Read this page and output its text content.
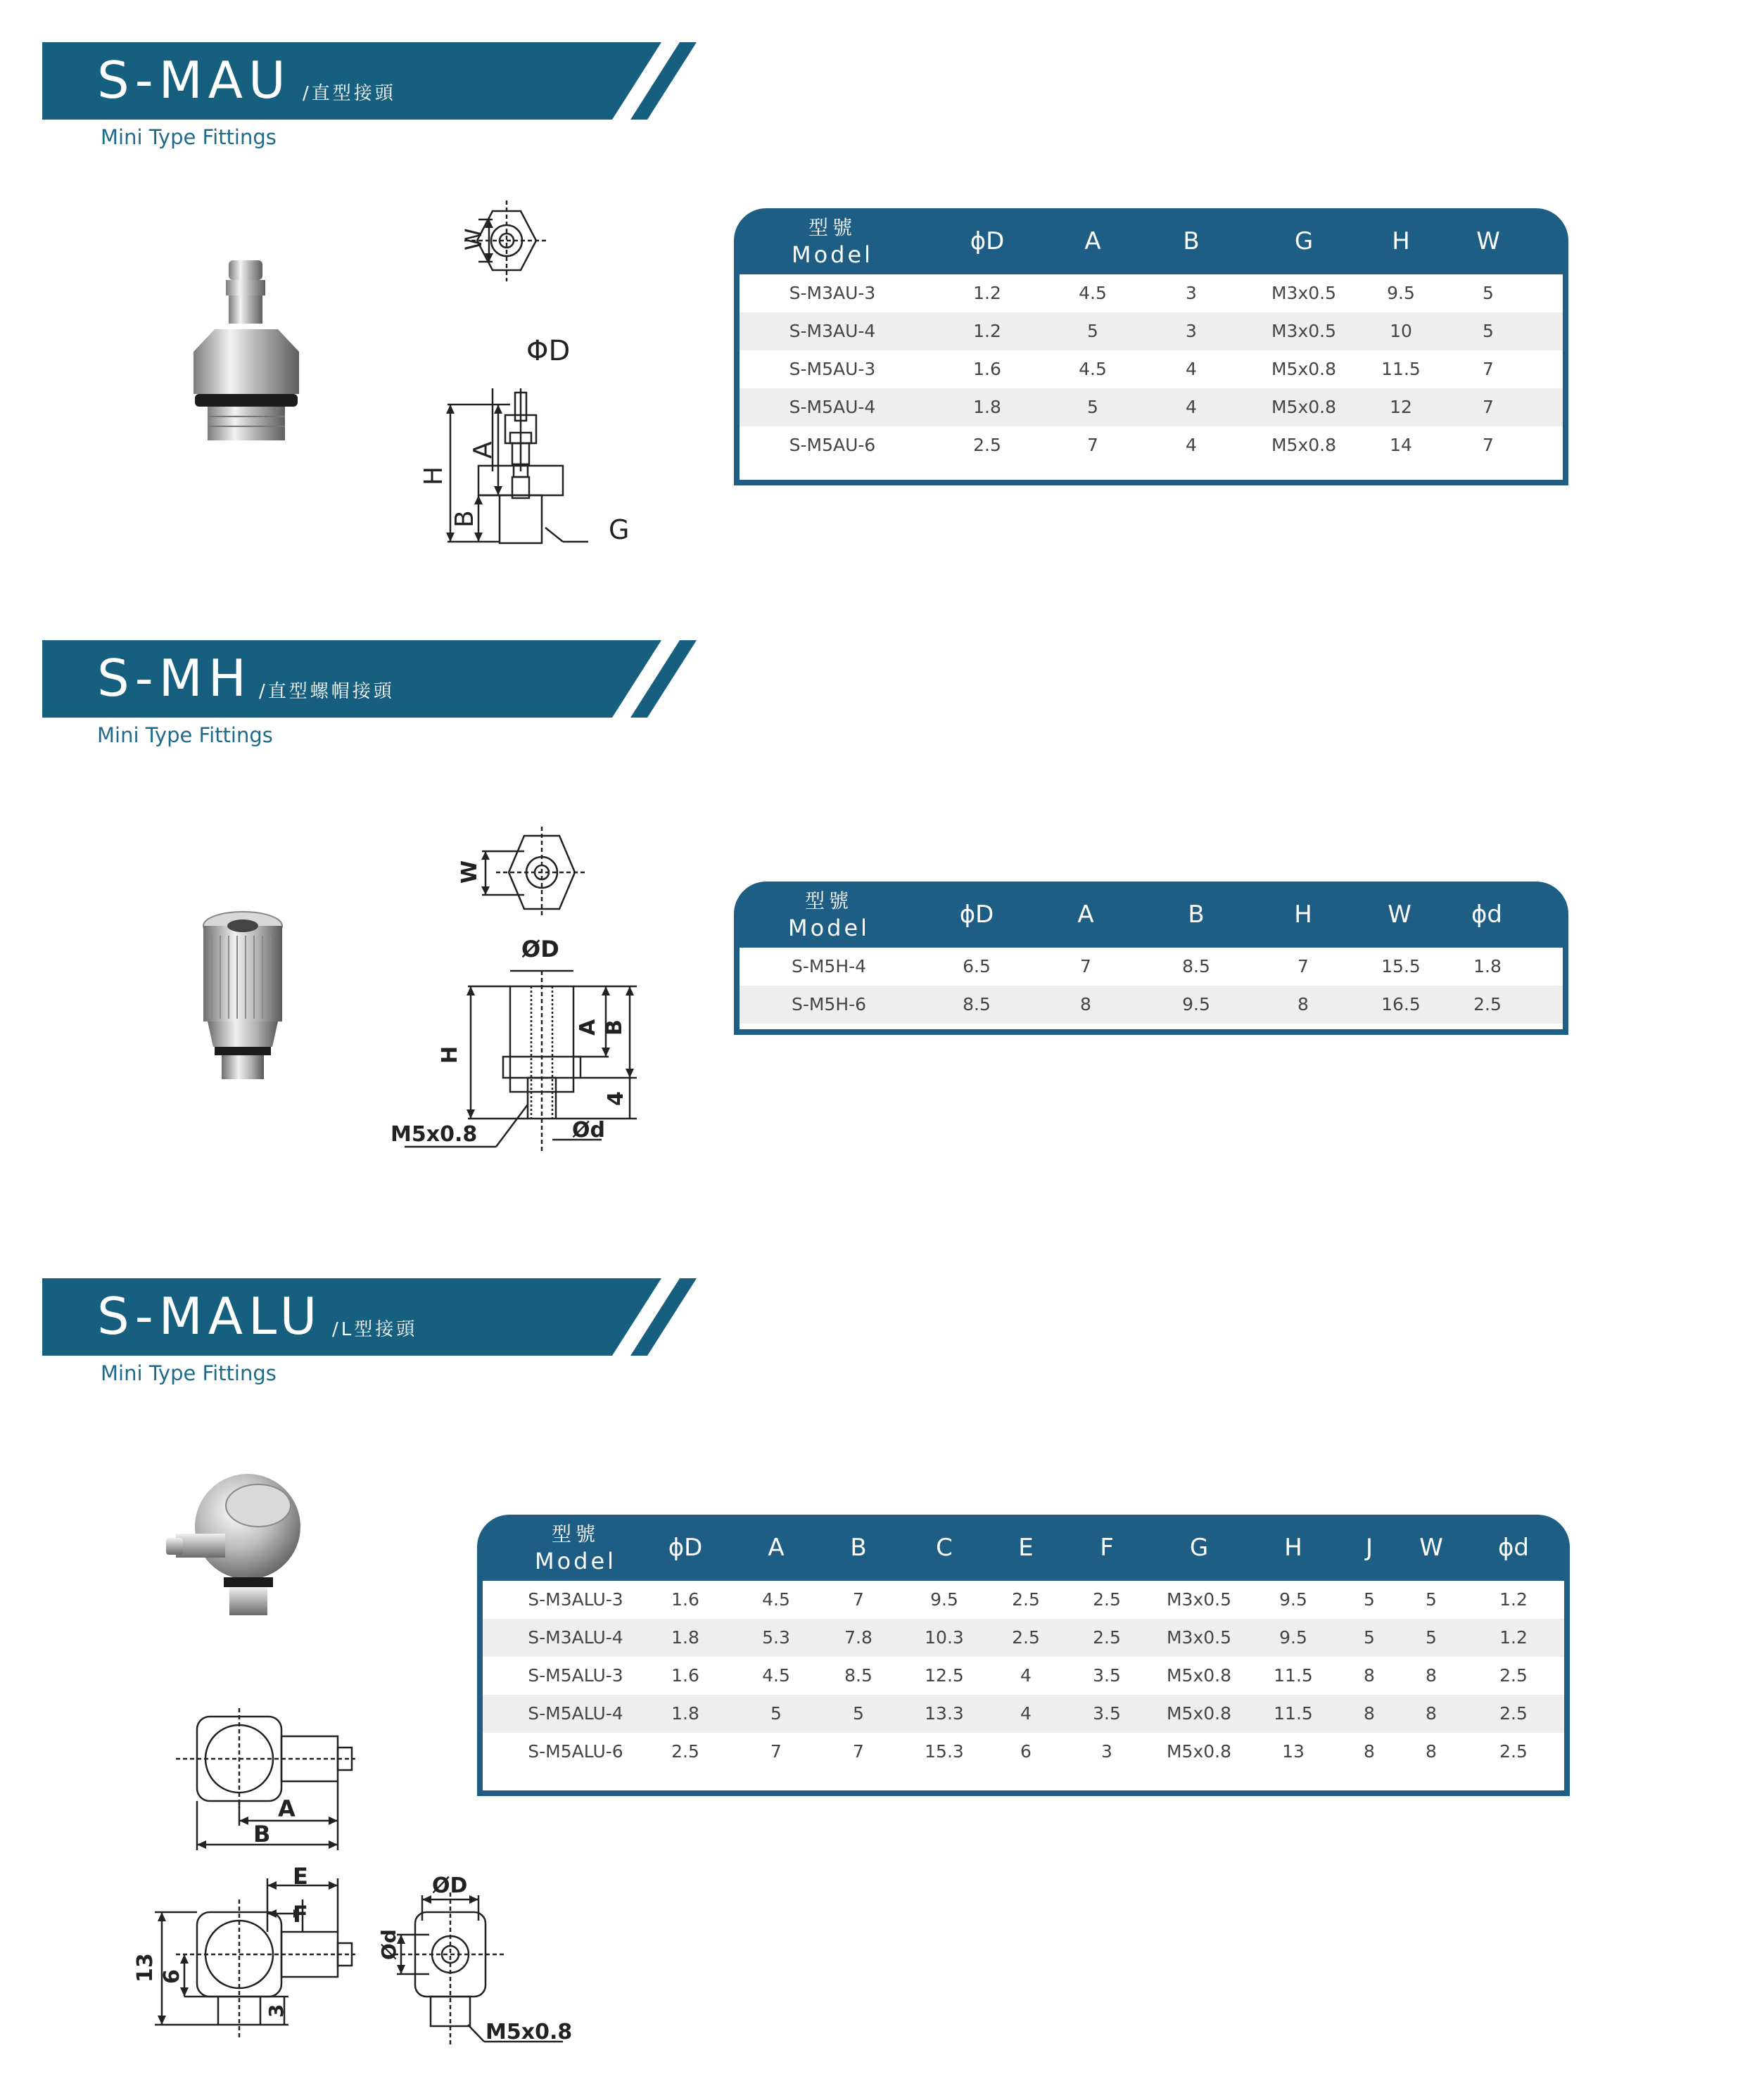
S-MAU /直型接頭
Mini Type Fittings
W
ΦD
A
H
B	G
型號
Model	ϕD	A	B	G	H	W
S-M3AU-3	1.2	4.5	3	M3x0.5	9.5	5
S-M3AU-4	1.2	5	3	M3x0.5	10	5
S-M5AU-3	1.6	4.5	4	M5x0.8	11.5	7
S-M5AU-4	1.8	5	4	M5x0.8	12	7
S-M5AU-6	2.5	7	4	M5x0.8	14	7
S-MH /直型螺帽接頭
Mini Type Fittings
W
ØD
A B
H
4
M5x0.8	Ød
型號
Model	ϕD	A	B	H	W	ϕd
S-M5H-4	6.5	7	8.5	7	15.5	1.8
S-M5H-6	8.5	8	9.5	8	16.5	2.5
S-MALU /L型接頭
Mini Type Fittings
A
B
E
F
13 6
3
Ød
ØD
M5x0.8
型號
Model	ϕD	A	B	C	E	F	G	H	J	W	ϕd
S-M3ALU-3	1.6	4.5	7	9.5	2.5	2.5	M3x0.5	9.5	5	5	1.2
S-M3ALU-4	1.8	5.3	7.8	10.3	2.5	2.5	M3x0.5	9.5	5	5	1.2
S-M5ALU-3	1.6	4.5	8.5	12.5	4	3.5	M5x0.8	11.5	8	8	2.5
S-M5ALU-4	1.8	5	5	13.3	4	3.5	M5x0.8	11.5	8	8	2.5
S-M5ALU-6	2.5	7	7	15.3	6	3	M5x0.8	13	8	8	2.5
